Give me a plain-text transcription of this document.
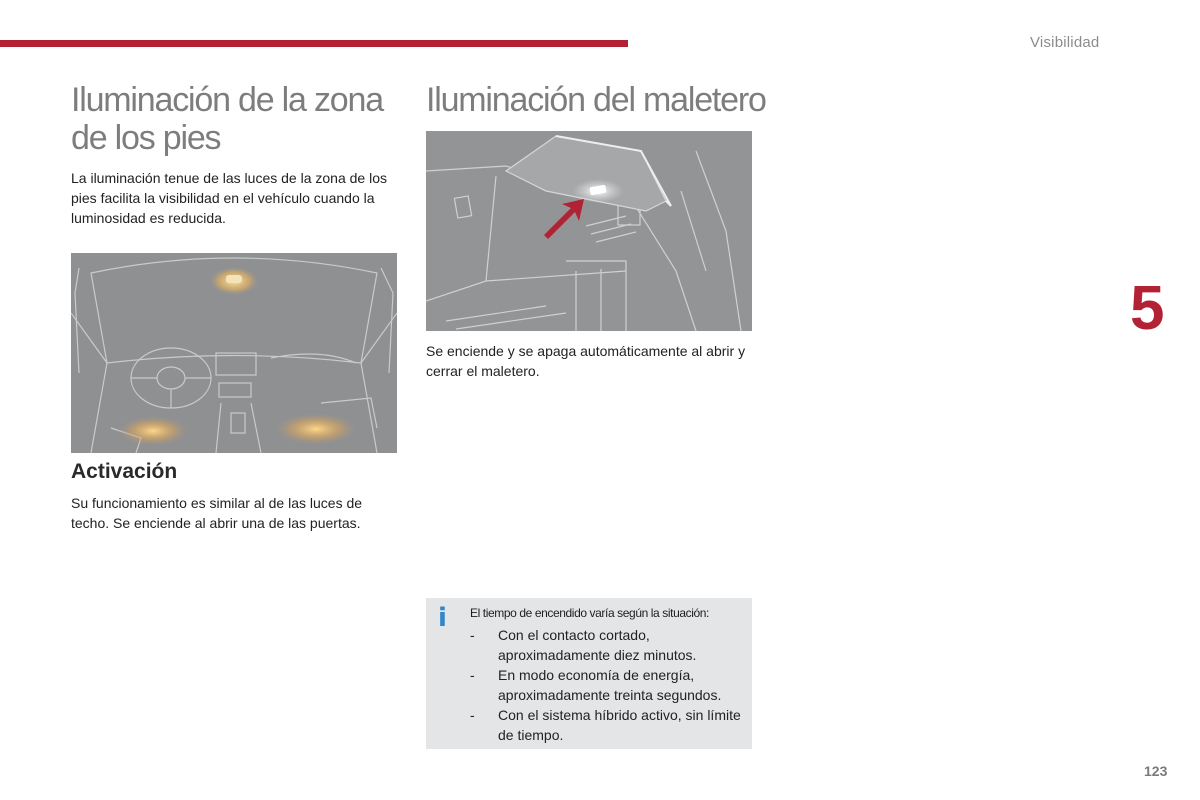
Visibilidad
5
123
Iluminación de la zona de los pies

La iluminación tenue de las luces de la zona de los pies facilita la visibilidad en el vehículo cuando la luminosidad es reducida.

Activación

Su funcionamiento es similar al de las luces de techo. Se enciende al abrir una de las puertas.

Iluminación del maletero

Se enciende y se apaga automáticamente al abrir y cerrar el maletero.

i El tiempo de encendido varía según la situación:
- Con el contacto cortado, aproximadamente diez minutos.
- En modo economía de energía, aproximadamente treinta segundos.
- Con el sistema híbrido activo, sin límite de tiempo.
